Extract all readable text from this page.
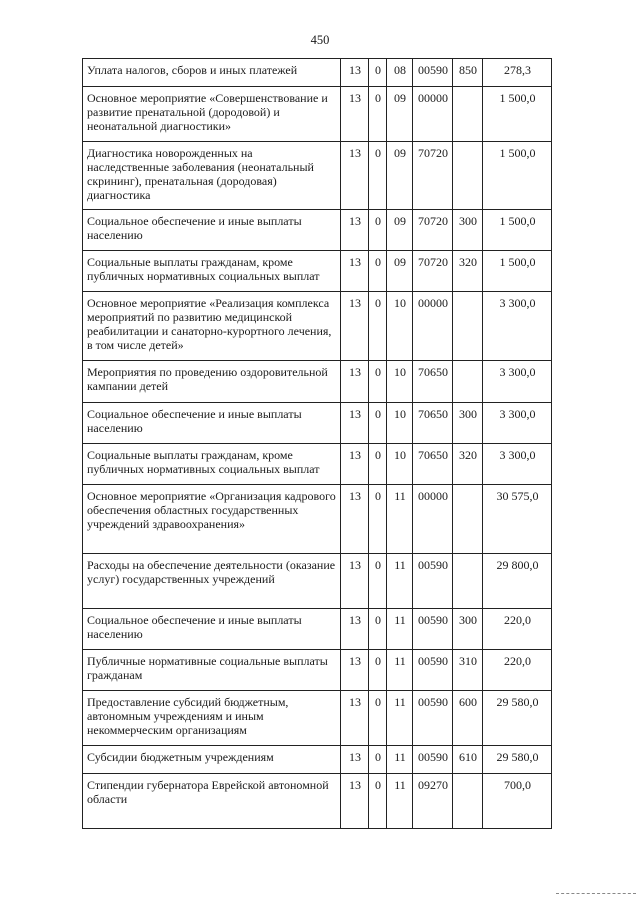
450
Уплата налогов, сборов и иных платежей	13	0	08	00590	850	278,3
Основное мероприятие «Совершенствование и развитие пренатальной (дородовой) и неонатальной диагностики»	13	0	09	00000		1 500,0
Диагностика новорожденных на наследственные заболевания (неонатальный скрининг), пренатальная (дородовая) диагностика	13	0	09	70720		1 500,0
Социальное обеспечение и иные выплаты населению	13	0	09	70720	300	1 500,0
Социальные выплаты гражданам, кроме публичных нормативных социальных выплат	13	0	09	70720	320	1 500,0
Основное мероприятие «Реализация комплекса мероприятий по развитию медицинской реабилитации и санаторно-курортного лечения, в том числе детей»	13	0	10	00000		3 300,0
Мероприятия по проведению оздоровительной кампании детей	13	0	10	70650		3 300,0
Социальное обеспечение и иные выплаты населению	13	0	10	70650	300	3 300,0
Социальные выплаты гражданам, кроме публичных нормативных социальных выплат	13	0	10	70650	320	3 300,0
Основное мероприятие «Организация кадрового обеспечения областных государственных учреждений здравоохранения»	13	0	11	00000		30 575,0
Расходы на обеспечение деятельности (оказание услуг) государственных учреждений	13	0	11	00590		29 800,0
Социальное обеспечение и иные выплаты населению	13	0	11	00590	300	220,0
Публичные нормативные социальные выплаты гражданам	13	0	11	00590	310	220,0
Предоставление субсидий бюджетным, автономным учреждениям и иным некоммерческим организациям	13	0	11	00590	600	29 580,0
Субсидии бюджетным учреждениям	13	0	11	00590	610	29 580,0
Стипендии губернатора Еврейской автономной области	13	0	11	09270		700,0
